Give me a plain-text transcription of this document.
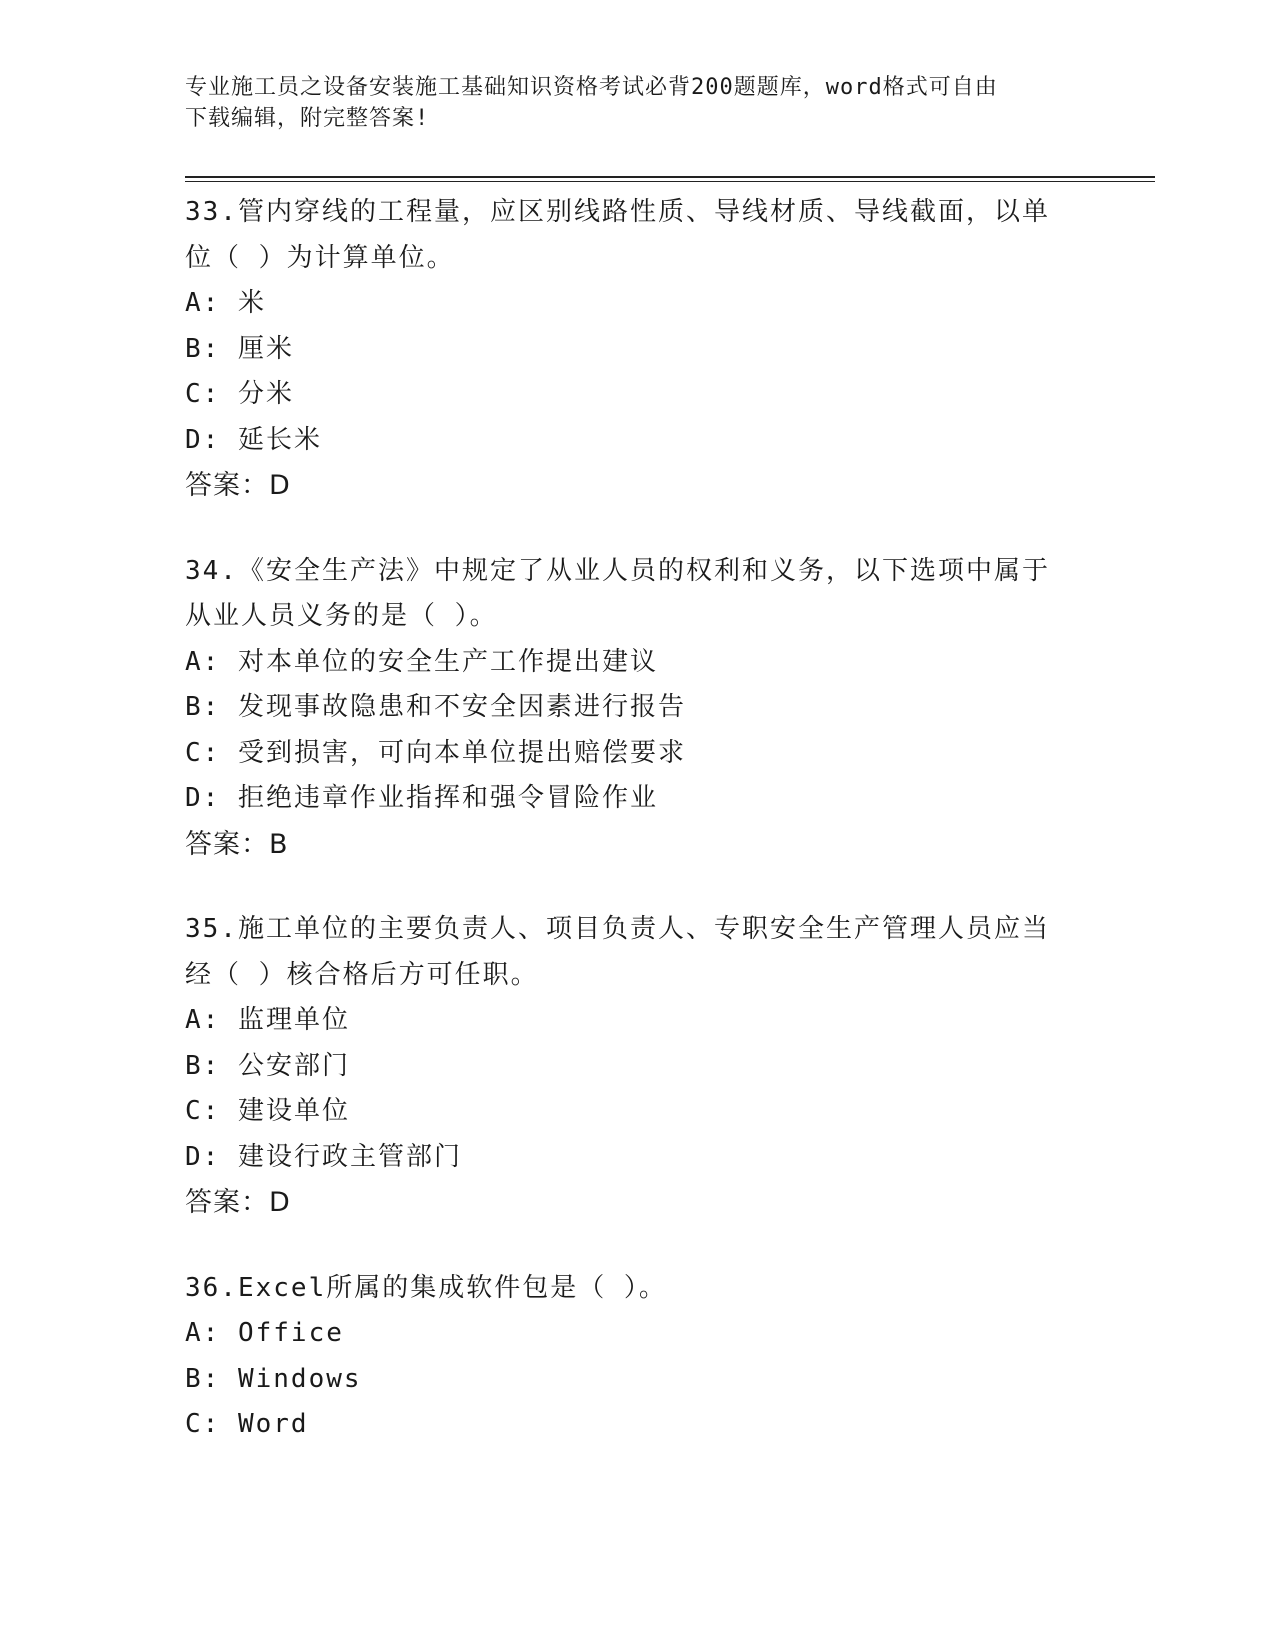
专业施工员之设备安装施工基础知识资格考试必背200题题库，word格式可自由
下载编辑，附完整答案!
33.管内穿线的工程量，应区别线路性质、导线材质、导线截面，以单
位（ ）为计算单位。
A: 米
B: 厘米
C: 分米
D: 延长米
答案：D
34.《安全生产法》中规定了从业人员的权利和义务，以下选项中属于
从业人员义务的是（ ）。
A: 对本单位的安全生产工作提出建议
B: 发现事故隐患和不安全因素进行报告
C: 受到损害，可向本单位提出赔偿要求
D: 拒绝违章作业指挥和强令冒险作业
答案：B
35.施工单位的主要负责人、项目负责人、专职安全生产管理人员应当
经（ ）核合格后方可任职。
A: 监理单位
B: 公安部门
C: 建设单位
D: 建设行政主管部门
答案：D
36.Excel所属的集成软件包是（ ）。
A: Office
B: Windows
C: Word
